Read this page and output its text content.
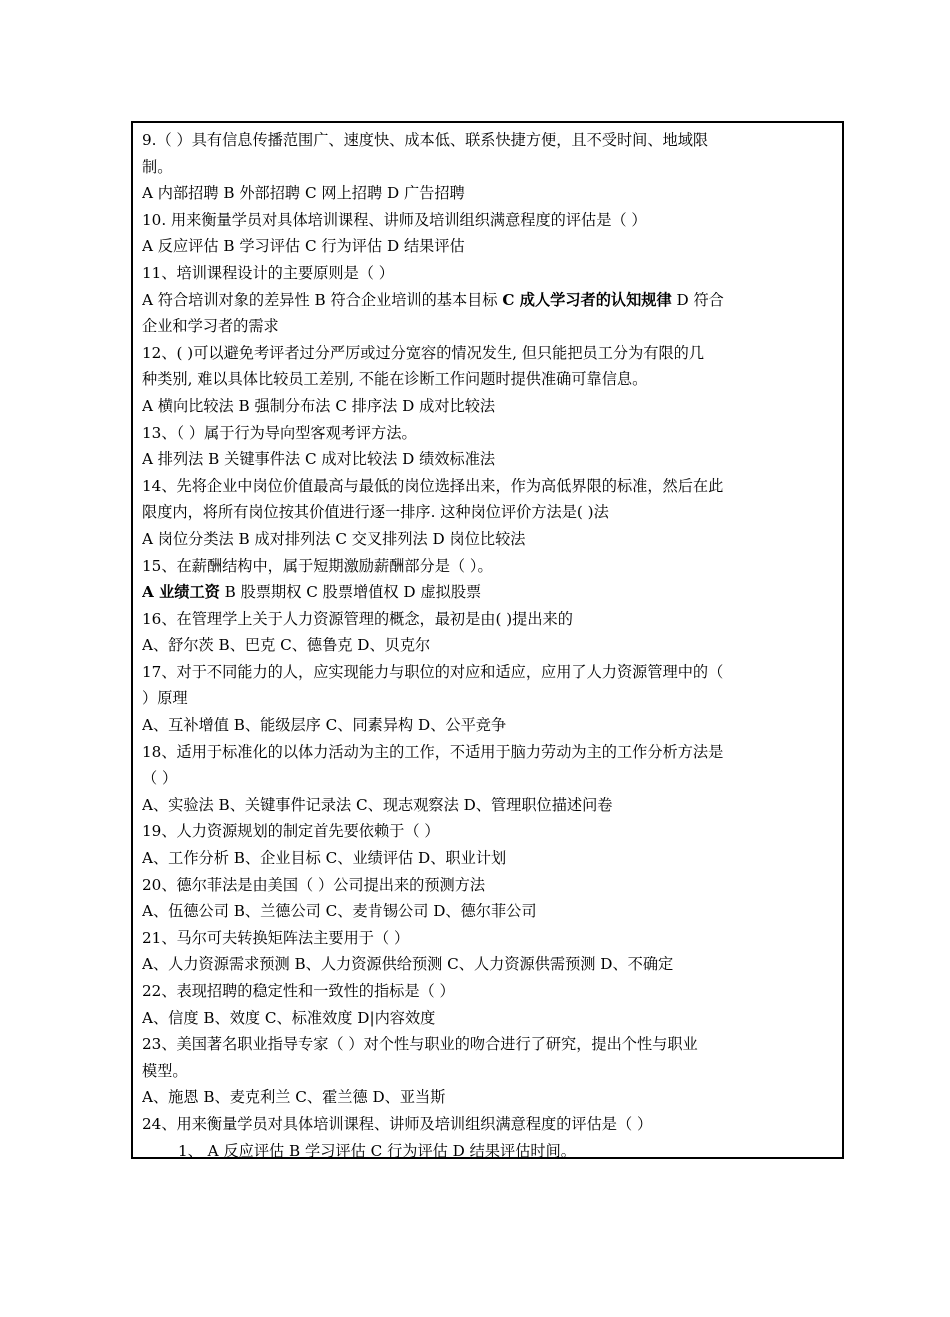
9.（ ）具有信息传播范围广、速度快、成本低、联系快捷方便，且不受时间、地域限
制。
A 内部招聘 B 外部招聘 C 网上招聘 D 广告招聘
10. 用来衡量学员对具体培训课程、讲师及培训组织满意程度的评估是（ ）
A 反应评估 B 学习评估 C 行为评估 D 结果评估
11、培训课程设计的主要原则是（ ）
A 符合培训对象的差异性 B 符合企业培训的基本目标 C 成人学习者的认知规律 D 符合
企业和学习者的需求
12、( )可以避免考评者过分严厉或过分宽容的情况发生, 但只能把员工分为有限的几
种类别, 难以具体比较员工差别, 不能在诊断工作问题时提供准确可靠信息。
A 横向比较法 B 强制分布法 C 排序法 D 成对比较法
13、（ ）属于行为导向型客观考评方法。
A 排列法 B 关键事件法 C 成对比较法 D 绩效标准法
14、先将企业中岗位价值最高与最低的岗位选择出来，作为高低界限的标准，然后在此
限度内，将所有岗位按其价值进行逐一排序. 这种岗位评价方法是( )法
A 岗位分类法 B 成对排列法 C 交叉排列法 D 岗位比较法
15、在薪酬结构中，属于短期激励薪酬部分是（ ）。
A 业绩工资 B 股票期权 C 股票增值权 D 虚拟股票
16、在管理学上关于人力资源管理的概念，最初是由( )提出来的
A、舒尔茨 B、巴克 C、德鲁克 D、贝克尔
17、对于不同能力的人，应实现能力与职位的对应和适应，应用了人力资源管理中的（
）原理
A、互补增值 B、能级层序 C、同素异构 D、公平竞争
18、适用于标准化的以体力活动为主的工作，不适用于脑力劳动为主的工作分析方法是
（ ）
A、实验法 B、关键事件记录法 C、现志观察法 D、管理职位描述问卷
19、人力资源规划的制定首先要依赖于（ ）
A、工作分析 B、企业目标 C、业绩评估 D、职业计划
20、德尔菲法是由美国（ ）公司提出来的预测方法
A、伍德公司 B、兰德公司 C、麦肯锡公司 D、德尔菲公司
21、马尔可夫转换矩阵法主要用于（ ）
A、人力资源需求预测 B、人力资源供给预测 C、人力资源供需预测 D、不确定
22、表现招聘的稳定性和一致性的指标是（ ）
A、信度 B、效度 C、标准效度 D|内容效度
23、美国著名职业指导专家（ ）对个性与职业的吻合进行了研究，提出个性与职业
模型。
A、施恩 B、麦克利兰 C、霍兰德 D、亚当斯
24、用来衡量学员对具体培训课程、讲师及培训组织满意程度的评估是（ ）
1、 A 反应评估 B 学习评估 C 行为评估 D 结果评估时间。
